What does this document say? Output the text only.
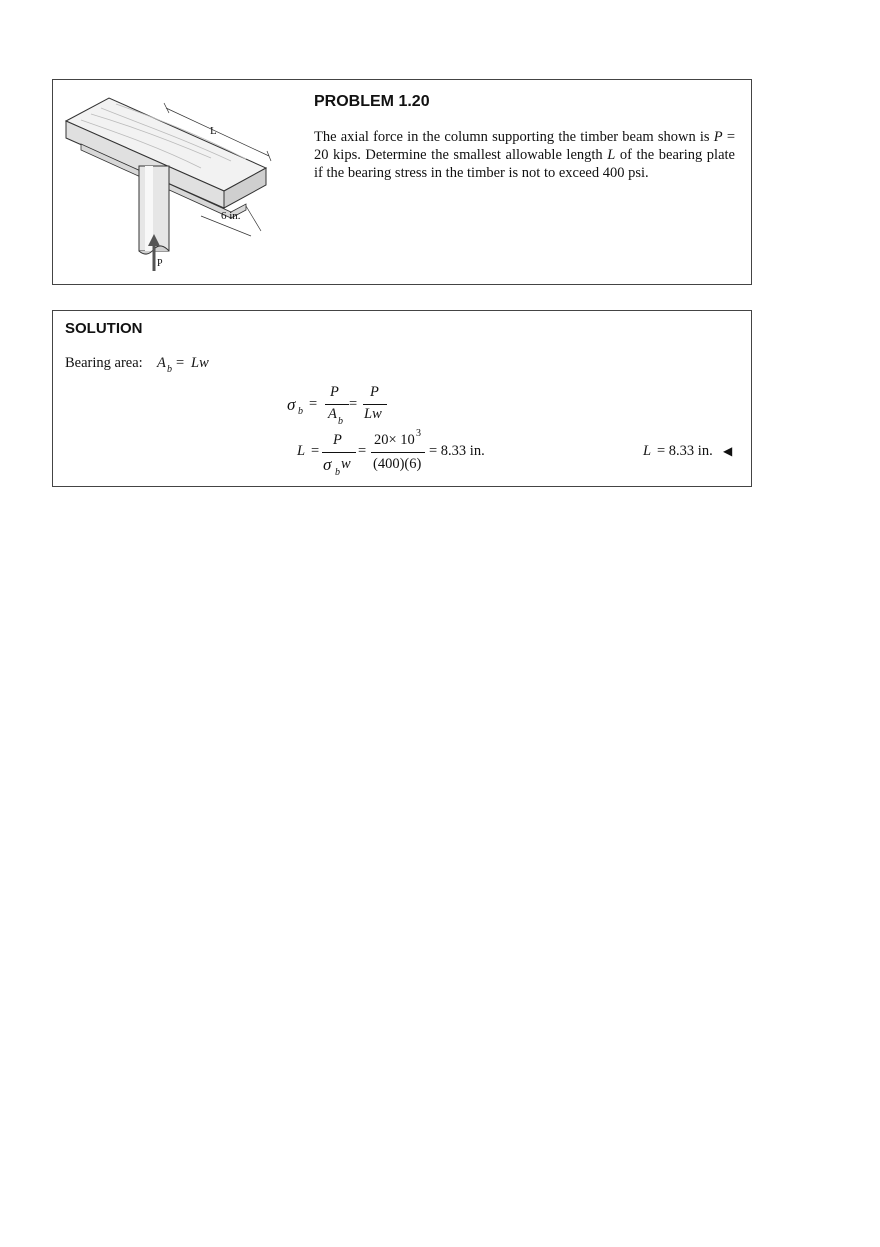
L
6 in.
P
PROBLEM 1.20
The axial force in the column supporting the timber beam shown is P = 20 kips. Determine the smallest allowable length L of the bearing plate if the bearing stress in the timber is not to exceed 400 psi.
SOLUTION
Bearing area: A b = Lw
σ b =
P
A b
=
P
Lw
L =
P
σ b
w
=
20× 10 3
(400)(6)
= 8.33 in.	L = 8.33 in. ◀
